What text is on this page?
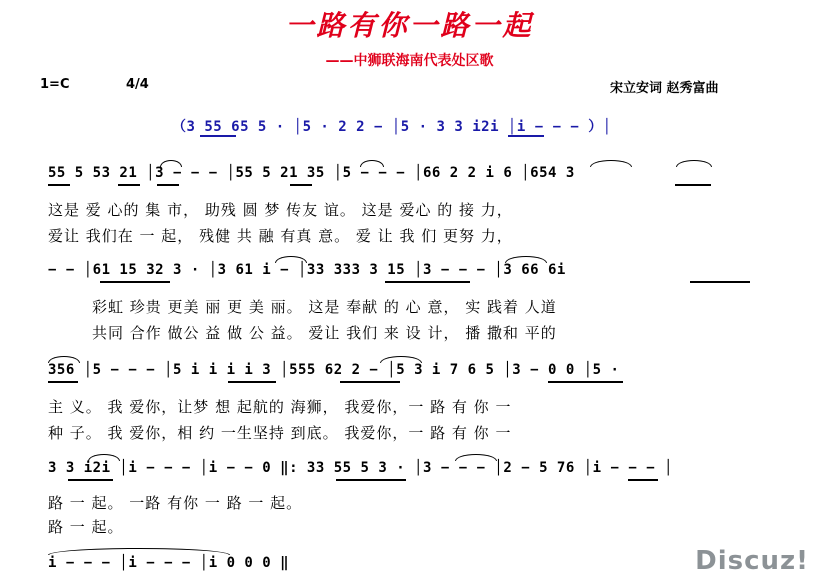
一路有你一路一起
——中狮联海南代表处区歌
1=C	4/4	宋立安词 赵秀富曲
（3 55 65 5 · │5 · 2 2 − │5 · 3 3 i2i │i − − − ）│
55 5 53 21 │3 − − − │55 5 21 35 │5 − − − │66 2 2 i 6 │654 3
这是 爱 心的 集 市， 助残 圆 梦 传友 谊。 这是 爱心 的 接 力，
爱让 我们在 一 起， 残健 共 融 有真 意。 爱 让 我 们 更努 力，
− − │61 15 32 3 · │3 61 i − │33 333 3 15 │3 − − − │3 66 6i
彩虹 珍贵 更美 丽 更 美 丽。 这是 奉献 的 心 意， 实 践着 人道
共同 合作 做公 益 做 公 益。 爱让 我们 来 设 计， 播 撒和 平的
356 │5 − − − │5 i i i i 3 │555 62 2 − │5 3 i 7 6 5 │3 − 0 0 │5 ·
主 义。 我 爱你，让梦 想 起航的 海狮， 我爱你，一 路 有 你 一
种 子。 我 爱你，相 约 一生坚持 到底。 我爱你，一 路 有 你 一
3 3 i2i │i − − − │i − − 0 ‖: 33 55 5 3 · │3 − − − │2 − 5 76 │i − − − │
路 一 起。 一路 有你 一 路 一 起。
路 一 起。
i − − − │i − − − │i 0 0 0 ‖	Discuz!
